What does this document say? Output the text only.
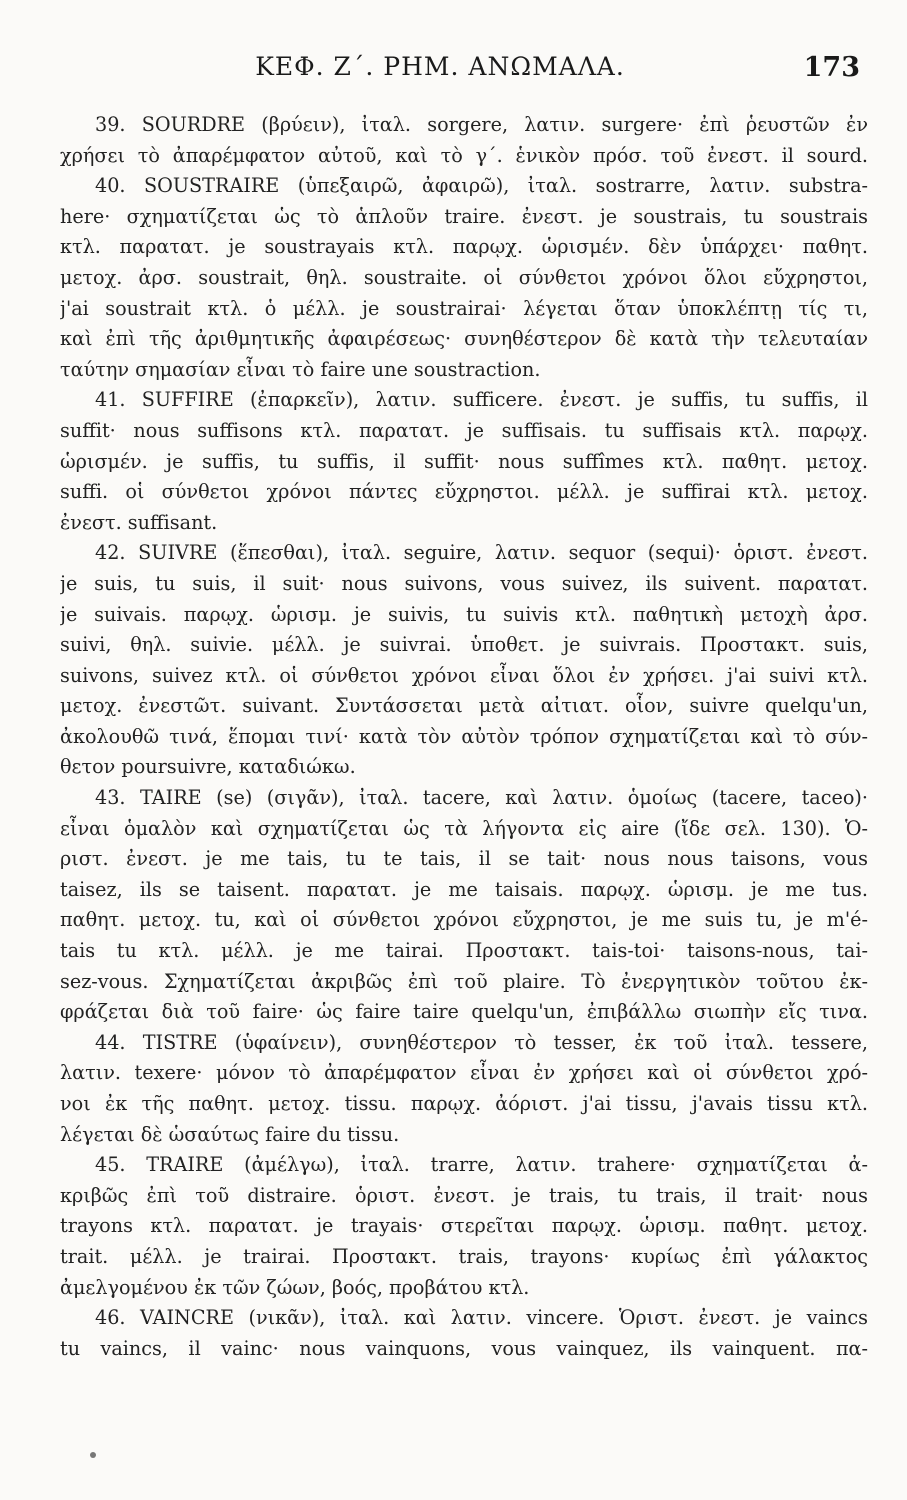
ΚΕΦ. Ζ΄. ΡΗΜ. ΑΝΩΜΑΛΑ.	173
39. SOURDRE (βρύειν), ἰταλ. sorgere, λατιν. surgere· ἐπὶ ῥευστῶν ἐν
χρήσει τὸ ἀπαρέμφατον αὐτοῦ, καὶ τὸ γ΄. ἑνικὸν πρόσ. τοῦ ἐνεστ. il sourd.
40. SOUSTRAIRE (ὑπεξαιρῶ, ἀφαιρῶ), ἰταλ. sostrarre, λατιν. substra-
here· σχηματίζεται ὡς τὸ ἁπλοῦν traire. ἐνεστ. je soustrais, tu soustrais
κτλ. παρατατ. je soustrayais κτλ. παρῳχ. ὡρισμέν. δὲν ὑπάρχει· παθητ.
μετοχ. ἀρσ. soustrait, θηλ. soustraite. οἱ σύνθετοι χρόνοι ὅλοι εὔχρηστοι,
j'ai soustrait κτλ. ὁ μέλλ. je soustrairai· λέγεται ὅταν ὑποκλέπτῃ τίς τι,
καὶ ἐπὶ τῆς ἀριθμητικῆς ἀφαιρέσεως· συνηθέστερον δὲ κατὰ τὴν τελευταίαν
ταύτην σημασίαν εἶναι τὸ faire une soustraction.
41. SUFFIRE (ἐπαρκεῖν), λατιν. sufficere. ἐνεστ. je suffis, tu suffis, il
suffit· nous suffisons κτλ. παρατατ. je suffisais. tu suffisais κτλ. παρῳχ.
ὡρισμέν. je suffis, tu suffis, il suffit· nous suffîmes κτλ. παθητ. μετοχ.
suffi. οἱ σύνθετοι χρόνοι πάντες εὔχρηστοι. μέλλ. je suffirai κτλ. μετοχ.
ἐνεστ. suffisant.
42. SUIVRE (ἕπεσθαι), ἰταλ. seguire, λατιν. sequor (sequi)· ὁριστ. ἐνεστ.
je suis, tu suis, il suit· nous suivons, vous suivez, ils suivent. παρατατ.
je suivais. παρῳχ. ὡρισμ. je suivis, tu suivis κτλ. παθητικὴ μετοχὴ ἀρσ.
suivi, θηλ. suivie. μέλλ. je suivrai. ὑποθετ. je suivrais. Προστακτ. suis,
suivons, suivez κτλ. οἱ σύνθετοι χρόνοι εἶναι ὅλοι ἐν χρήσει. j'ai suivi κτλ.
μετοχ. ἐνεστῶτ. suivant. Συντάσσεται μετὰ αἰτιατ. οἷον, suivre quelqu'un,
ἀκολουθῶ τινά, ἕπομαι τινί· κατὰ τὸν αὐτὸν τρόπον σχηματίζεται καὶ τὸ σύν-
θετον poursuivre, καταδιώκω.
43. TAIRE (se) (σιγᾶν), ἰταλ. tacere, καὶ λατιν. ὁμοίως (tacere, taceo)·
εἶναι ὁμαλὸν καὶ σχηματίζεται ὡς τὰ λήγοντα εἰς aire (ἴδε σελ. 130). Ὁ-
ριστ. ἐνεστ. je me tais, tu te tais, il se tait· nous nous taisons, vous
taisez, ils se taisent. παρατατ. je me taisais. παρῳχ. ὡρισμ. je me tus.
παθητ. μετοχ. tu, καὶ οἱ σύνθετοι χρόνοι εὔχρηστοι, je me suis tu, je m'é-
tais tu κτλ. μέλλ. je me tairai. Προστακτ. tais-toi· taisons-nous, tai-
sez-vous. Σχηματίζεται ἀκριβῶς ἐπὶ τοῦ plaire. Τὸ ἐνεργητικὸν τοῦτου ἐκ-
φράζεται διὰ τοῦ faire· ὡς faire taire quelqu'un, ἐπιβάλλω σιωπὴν εἴς τινα.
44. TISTRE (ὑφαίνειν), συνηθέστερον τὸ tesser, ἐκ τοῦ ἰταλ. tessere,
λατιν. texere· μόνον τὸ ἀπαρέμφατον εἶναι ἐν χρήσει καὶ οἱ σύνθετοι χρό-
νοι ἐκ τῆς παθητ. μετοχ. tissu. παρῳχ. ἀόριστ. j'ai tissu, j'avais tissu κτλ.
λέγεται δὲ ὡσαύτως faire du tissu.
45. TRAIRE (ἀμέλγω), ἰταλ. trarre, λατιν. trahere· σχηματίζεται ἀ-
κριβῶς ἐπὶ τοῦ distraire. ὁριστ. ἐνεστ. je trais, tu trais, il trait· nous
trayons κτλ. παρατατ. je trayais· στερεῖται παρῳχ. ὡρισμ. παθητ. μετοχ.
trait. μέλλ. je trairai. Προστακτ. trais, trayons· κυρίως ἐπὶ γάλακτος
ἀμελγομένου ἐκ τῶν ζώων, βοός, προβάτου κτλ.
46. VAINCRE (νικᾶν), ἰταλ. καὶ λατιν. vincere. Ὁριστ. ἐνεστ. je vaincs
tu vaincs, il vainc· nous vainquons, vous vainquez, ils vainquent. πα-
